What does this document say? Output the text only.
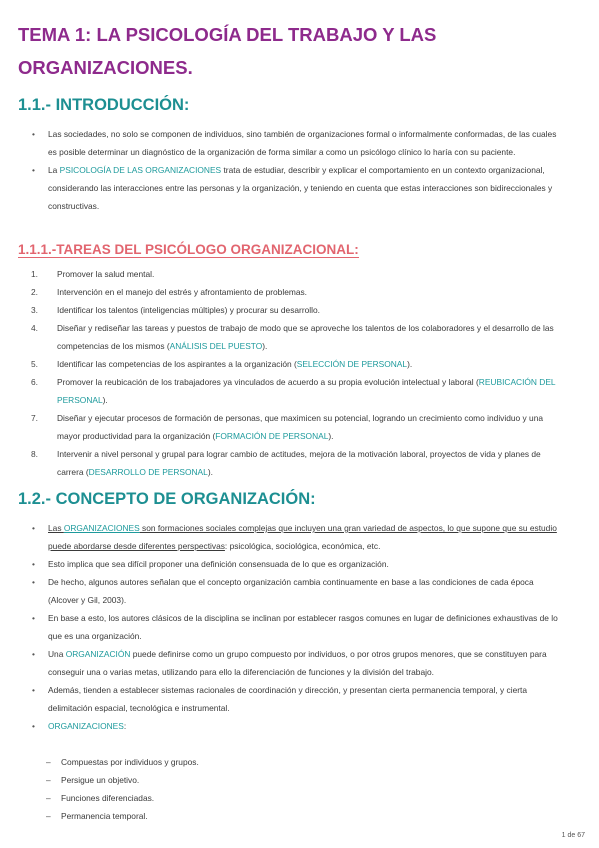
TEMA 1: LA PSICOLOGÍA DEL TRABAJO Y LAS ORGANIZACIONES.
1.1.- INTRODUCCIÓN:
• Las sociedades, no solo se componen de individuos, sino también de organizaciones formal o informalmente conformadas, de las cuales es posible determinar un diagnóstico de la organización de forma similar a como un psicólogo clínico lo haría con su paciente.
• La PSICOLOGÍA DE LAS ORGANIZACIONES trata de estudiar, describir y explicar el comportamiento en un contexto organizacional, considerando las interacciones entre las personas y la organización, y teniendo en cuenta que estas interacciones son bidireccionales y constructivas.
1.1.1.-TAREAS DEL PSICÓLOGO ORGANIZACIONAL:
1. Promover la salud mental.
2. Intervención en el manejo del estrés y afrontamiento de problemas.
3. Identificar los talentos (inteligencias múltiples) y procurar su desarrollo.
4. Diseñar y rediseñar las tareas y puestos de trabajo de modo que se aproveche los talentos de los colaboradores y el desarrollo de las competencias de los mismos (ANÁLISIS DEL PUESTO).
5. Identificar las competencias de los aspirantes a la organización (SELECCIÓN DE PERSONAL).
6. Promover la reubicación de los trabajadores ya vinculados de acuerdo a su propia evolución intelectual y laboral (REUBICACIÓN DEL PERSONAL).
7. Diseñar y ejecutar procesos de formación de personas, que maximicen su potencial, logrando un crecimiento como individuo y una mayor productividad para la organización (FORMACIÓN DE PERSONAL).
8. Intervenir a nivel personal y grupal para lograr cambio de actitudes, mejora de la motivación laboral, proyectos de vida y planes de carrera (DESARROLLO DE PERSONAL).
1.2.- CONCEPTO DE ORGANIZACIÓN:
• Las ORGANIZACIONES son formaciones sociales complejas que incluyen una gran variedad de aspectos, lo que supone que su estudio puede abordarse desde diferentes perspectivas: psicológica, sociológica, económica, etc.
• Esto implica que sea difícil proponer una definición consensuada de lo que es organización.
• De hecho, algunos autores señalan que el concepto organización cambia continuamente en base a las condiciones de cada época (Alcover y Gil, 2003).
• En base a esto, los autores clásicos de la disciplina se inclinan por establecer rasgos comunes en lugar de definiciones exhaustivas de lo que es una organización.
• Una ORGANIZACIÓN puede definirse como un grupo compuesto por individuos, o por otros grupos menores, que se constituyen para conseguir una o varias metas, utilizando para ello la diferenciación de funciones y la división del trabajo.
• Además, tienden a establecer sistemas racionales de coordinación y dirección, y presentan cierta permanencia temporal, y cierta delimitación espacial, tecnológica e instrumental.
• ORGANIZACIONES:
– Compuestas por individuos y grupos.
– Persigue un objetivo.
– Funciones diferenciadas.
– Permanencia temporal.
1 de 67
